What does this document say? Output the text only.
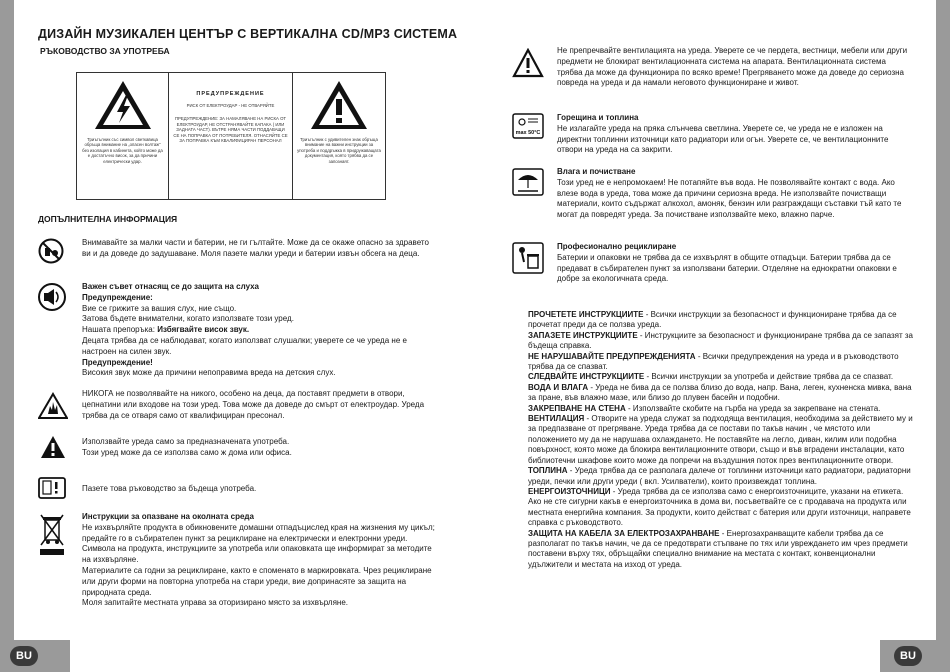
BU	BU
ДИЗАЙН МУЗИКАЛЕН ЦЕНТЪР С ВЕРТИКАЛНА CD/MP3 СИСТЕМА
РЪКОВОДСТВО ЗА УПОТРЕБА
Триъгълник със символ светкавица обръща внимание на „опасен волтаж“ без изолация в кабинета, който може да е достатъчно висок, за да причини електрически удар.
ПРЕДУПРЕЖДЕНИЕ
РИСК ОТ ЕЛЕКТРОУДАР - НЕ ОТВАРЯЙТЕ
ПРЕДУПРЕЖДЕНИЕ: ЗА НАМАЛЯВАНЕ НА РИСКА ОТ ЕЛЕКТРОУДАР, НЕ ОТСТРАНЯВАЙТЕ КАПАКА ( ИЛИ ЗАДНАТА ЧАСТ). ВЪТРЕ НЯМА ЧАСТИ ПОДДАВАЩИ СЕ НА ПОПРАВКА ОТ ПОТРЕБИТЕЛЯ. ОТНАСЯЙТЕ СЕ ЗА ПОПРАВКА КЪМ КВАЛИФИЦИРАН ПЕРСОНАЛ	Триъгълник с удивителен знак обръща внимание на важни инструкции за употреба и поддръжка в придружаващата документация, която трябва да се запознаят.
ДОПЪЛНИТЕЛНА ИНФОРМАЦИЯ
Внимавайте за малки части и батерии, не ги гълтайте. Може да се окаже опасно за здравето ви и да доведе до задушаване. Моля пазете малки уреди и батерии извън обсега на деца.
Важен съвет отнасящ се до защита на слуха
Предупреждение:
Вие се грижите за вашия слух, ние също.
Затова бъдете внимателни, когато използвате този уред.
Нашата препоръка: Избягвайте висок звук.
Децата трябва да се наблюдават, когато използват слушалки; уверете се че уреда не е настроен на силен звук.
Предупреждение!
Високия звук може да причини непоправима вреда на детския слух.
НИКОГА не позволявайте на никого, особено на деца, да поставят предмети в отвори, цепнатини или входове на този уред. Това може да доведе до смърт от електроудар. Уреда трябва да се отваря само от квалифициран пресонал.
Използвайте уреда само за предназначената употреба.
Този уред може да се използва само ж дома или офиса.
Пазете това ръководство за бъдеща употреба.
Инструкции за опазване на околната среда
Не изхвърляйте продукта в обикновените домашни отпадъцислед края на жизнения му цикъл; предайте го в събирателен пункт за рециклиране на електрически и електронни уреди. Символа на продукта, инструкциите за употреба или опаковката ще информират за методите на изхвърляне.
Материалите са годни за рециклиране, както е споменато в маркировката. Чрез рециклиране или други форми на повторна употреба на стари уреди, вие допринасяте за защита на природната среда.
Моля запитайте местната управа за оторизирано място за изхвърляне.
Не препречвайте вентилацията на уреда. Уверете се че пердета, вестници, мебели или други предмети не блокират вентилационната система на апарата. Вентилационната система трябва да може да функционира по всяко време! Прегряването може да доведе до сериозна повреда на уреда и да намали неговото функциониране и живот.
max 50°C
Горещина и топлина
Не излагайте уреда на пряка слънчева светлина. Уверете се, че уреда не е изложен на директни топлинни източници като радиатори или огън. Уверете се, че вентилационните отвори на уреда на са закрити.
Влага и почистване
Този уред не е непромокаем! Не потапяйте във вода. Не позволявайте контакт с вода. Ако влезе вода в уреда, това може да причини сериозна вреда. Не използвайте почистващи материали, които съдържат алкохол, амоняк, бензин или разграждащи съставки тъй като те могат да повредят уреда. За почистване използвайте меко, влажно парче.
Професионално рециклиране
Батерии и опаковки не трябва да се изхвърлят в общите отпадъци. Батерии трябва да се предават в събирателен пункт за използвани батерии. Отделяне на еднократни опаковки е добре за екологичната среда.

ПРОЧЕТЕТЕ ИНСТРУКЦИИТЕ - Всички инструкции за безопасност и функциониране трябва да се прочетат преди да се ползва уреда.

ЗАПАЗЕТЕ ИНСТРУКЦИИТЕ - Инструкциите за безопасност и функциониране трябва да се запазят за бъдеща справка.

НЕ НАРУШАВАЙТЕ ПРЕДУПРЕЖДЕНИЯТА - Всички предупреждения на уреда и в ръководството трябва да се спазват.

СЛЕДВАЙТЕ ИНСТРУКЦИИТЕ - Всички инструкции за употреба и действие трябва да се спазват.

ВОДА И ВЛАГА - Уреда не бива да се ползва близо до вода, напр. Вана, леген, кухненска мивка, вана за пране, във влажно мазе, или близо до плувен басейн и подобни.

ЗАКРЕПВАНЕ НА СТЕНА - Използвайте скобите на гърба на уреда за закрепване на стената.

ВЕНТИЛАЦИЯ - Отворите на уреда служат за подходяща вентилация, необходима за действието му и за предпазване от прегряване. Уреда трябва да се постави по такъв начин , че мястото или положението му да не нарушава охлаждането. Не поставяйте на легло, диван, килим или подобна повърхност, която може да блокира вентилационните отвори, също и във вградени инсталации, като библиотечни шкафове които може да попречи на въздушния поток през вентилационните отвори.

ТОПЛИНА - Уреда трябва да се разполага далече от топлинни източници като радиатори, радиаторни уреди, печки или други уреди ( вкл. Усилватели), които произвеждат топлина.

ЕНЕРГОИЗТОЧНИЦИ - Уреда трябва да се използва само с енергоизточниците, указани на етикета. Ако не сте сигурни какъв е енергоизточника в дома ви, посъветвайте се с продавача на продукта или местната енергийна компания. За продукти, които действат с батерия или други източници, направете справка с ръководството.

ЗАЩИТА НА КАБЕЛА ЗА ЕЛЕКТРОЗАХРАНВАНЕ - Енергозахранващите кабели трябва да се разполагат по такъв начин, че да се предотврати стъпване по тях или увреждането им чрез предмети поставени върху тях, обръщайки специално внимание на местата с контакт, конвенционални удължители и местата на изход от уреда.
